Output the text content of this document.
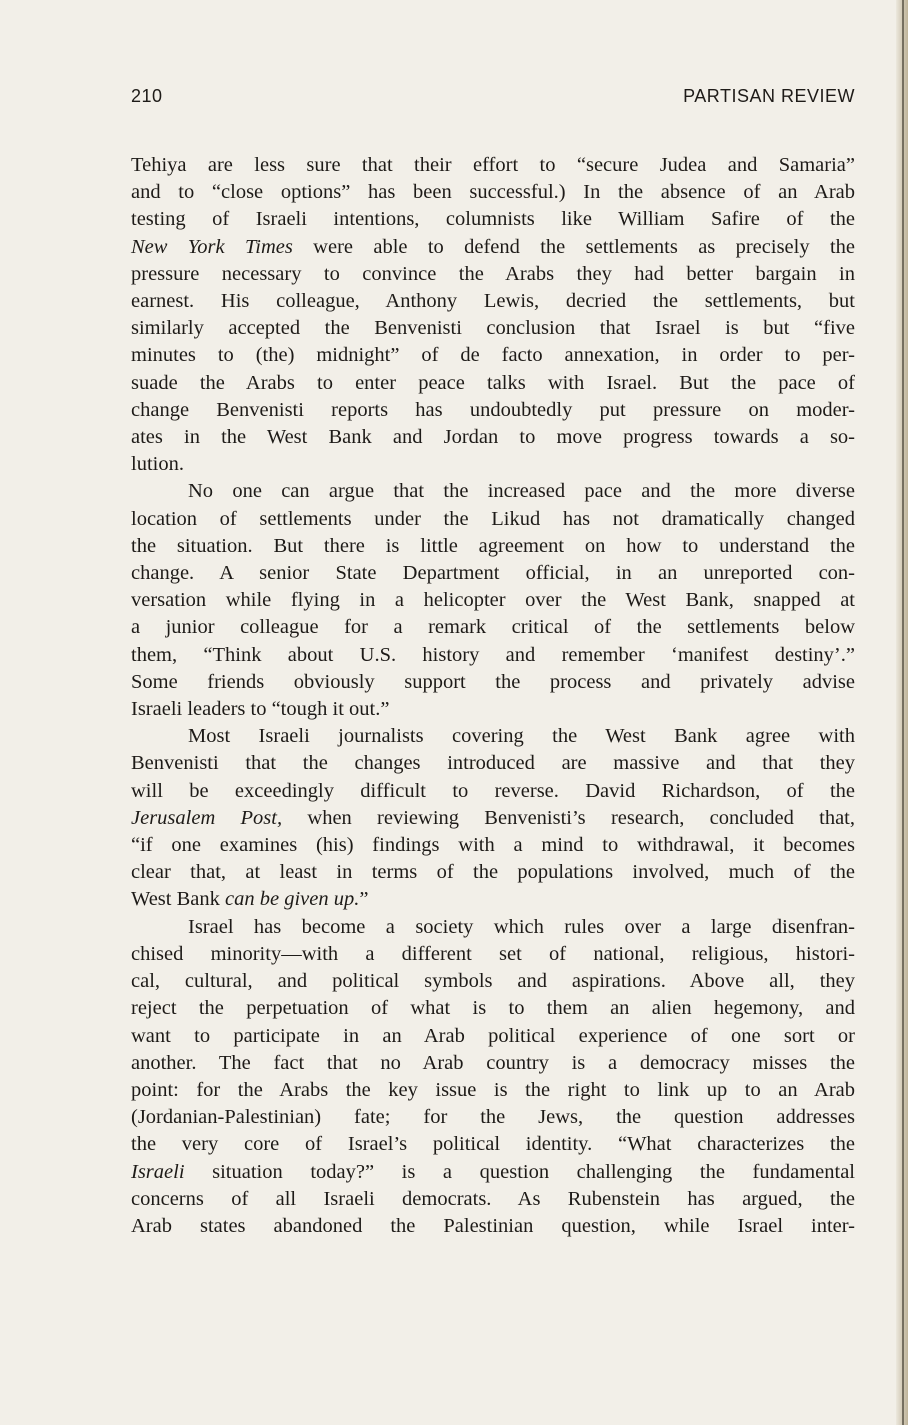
210	PARTISAN REVIEW
Tehiya are less sure that their effort to “secure Judea and Samaria”
and to “close options” has been successful.) In the absence of an Arab
testing of Israeli intentions, columnists like William Safire of the
New York Times were able to defend the settlements as precisely the
pressure necessary to convince the Arabs they had better bargain in
earnest. His colleague, Anthony Lewis, decried the settlements, but
similarly accepted the Benvenisti conclusion that Israel is but “five
minutes to (the) midnight” of de facto annexation, in order to per-
suade the Arabs to enter peace talks with Israel. But the pace of
change Benvenisti reports has undoubtedly put pressure on moder-
ates in the West Bank and Jordan to move progress towards a so-
lution.
No one can argue that the increased pace and the more diverse
location of settlements under the Likud has not dramatically changed
the situation. But there is little agreement on how to understand the
change. A senior State Department official, in an unreported con-
versation while flying in a helicopter over the West Bank, snapped at
a junior colleague for a remark critical of the settlements below
them, “Think about U.S. history and remember ‘manifest destiny’.”
Some friends obviously support the process and privately advise
Israeli leaders to “tough it out.”
Most Israeli journalists covering the West Bank agree with
Benvenisti that the changes introduced are massive and that they
will be exceedingly difficult to reverse. David Richardson, of the
Jerusalem Post, when reviewing Benvenisti’s research, concluded that,
“if one examines (his) findings with a mind to withdrawal, it becomes
clear that, at least in terms of the populations involved, much of the
West Bank can be given up.”
Israel has become a society which rules over a large disenfran-
chised minority—with a different set of national, religious, histori-
cal, cultural, and political symbols and aspirations. Above all, they
reject the perpetuation of what is to them an alien hegemony, and
want to participate in an Arab political experience of one sort or
another. The fact that no Arab country is a democracy misses the
point: for the Arabs the key issue is the right to link up to an Arab
(Jordanian-Palestinian) fate; for the Jews, the question addresses
the very core of Israel’s political identity. “What characterizes the
Israeli situation today?” is a question challenging the fundamental
concerns of all Israeli democrats. As Rubenstein has argued, the
Arab states abandoned the Palestinian question, while Israel inter-
